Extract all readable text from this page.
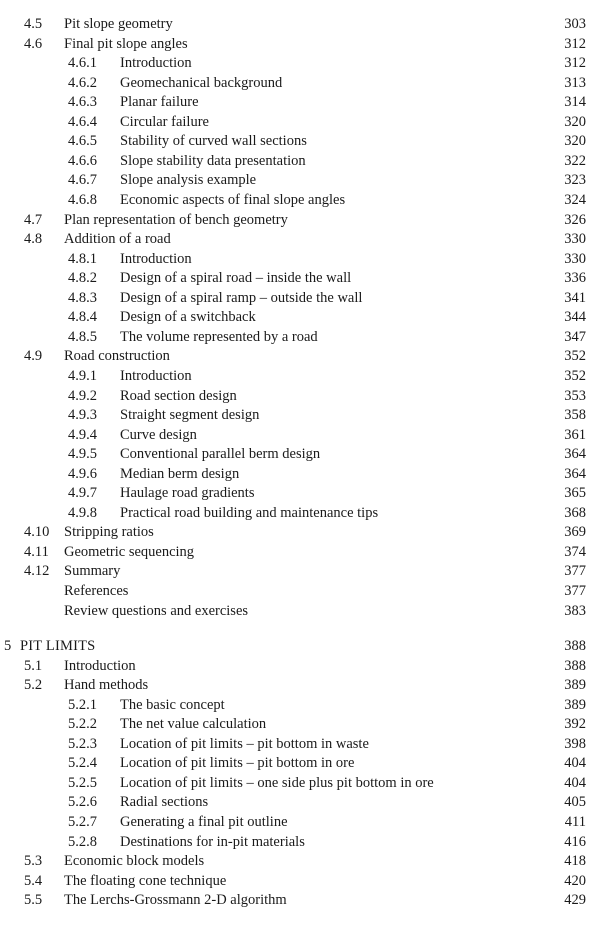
4.5 Pit slope geometry	303
4.6 Final pit slope angles	312
4.6.1 Introduction	312
4.6.2 Geomechanical background	313
4.6.3 Planar failure	314
4.6.4 Circular failure	320
4.6.5 Stability of curved wall sections	320
4.6.6 Slope stability data presentation	322
4.6.7 Slope analysis example	323
4.6.8 Economic aspects of final slope angles	324
4.7 Plan representation of bench geometry	326
4.8 Addition of a road	330
4.8.1 Introduction	330
4.8.2 Design of a spiral road – inside the wall	336
4.8.3 Design of a spiral ramp – outside the wall	341
4.8.4 Design of a switchback	344
4.8.5 The volume represented by a road	347
4.9 Road construction	352
4.9.1 Introduction	352
4.9.2 Road section design	353
4.9.3 Straight segment design	358
4.9.4 Curve design	361
4.9.5 Conventional parallel berm design	364
4.9.6 Median berm design	364
4.9.7 Haulage road gradients	365
4.9.8 Practical road building and maintenance tips	368
4.10 Stripping ratios	369
4.11 Geometric sequencing	374
4.12 Summary	377
References	377
Review questions and exercises	383
5 PIT LIMITS	388
5.1 Introduction	388
5.2 Hand methods	389
5.2.1 The basic concept	389
5.2.2 The net value calculation	392
5.2.3 Location of pit limits – pit bottom in waste	398
5.2.4 Location of pit limits – pit bottom in ore	404
5.2.5 Location of pit limits – one side plus pit bottom in ore	404
5.2.6 Radial sections	405
5.2.7 Generating a final pit outline	411
5.2.8 Destinations for in-pit materials	416
5.3 Economic block models	418
5.4 The floating cone technique	420
5.5 The Lerchs-Grossmann 2-D algorithm	429
